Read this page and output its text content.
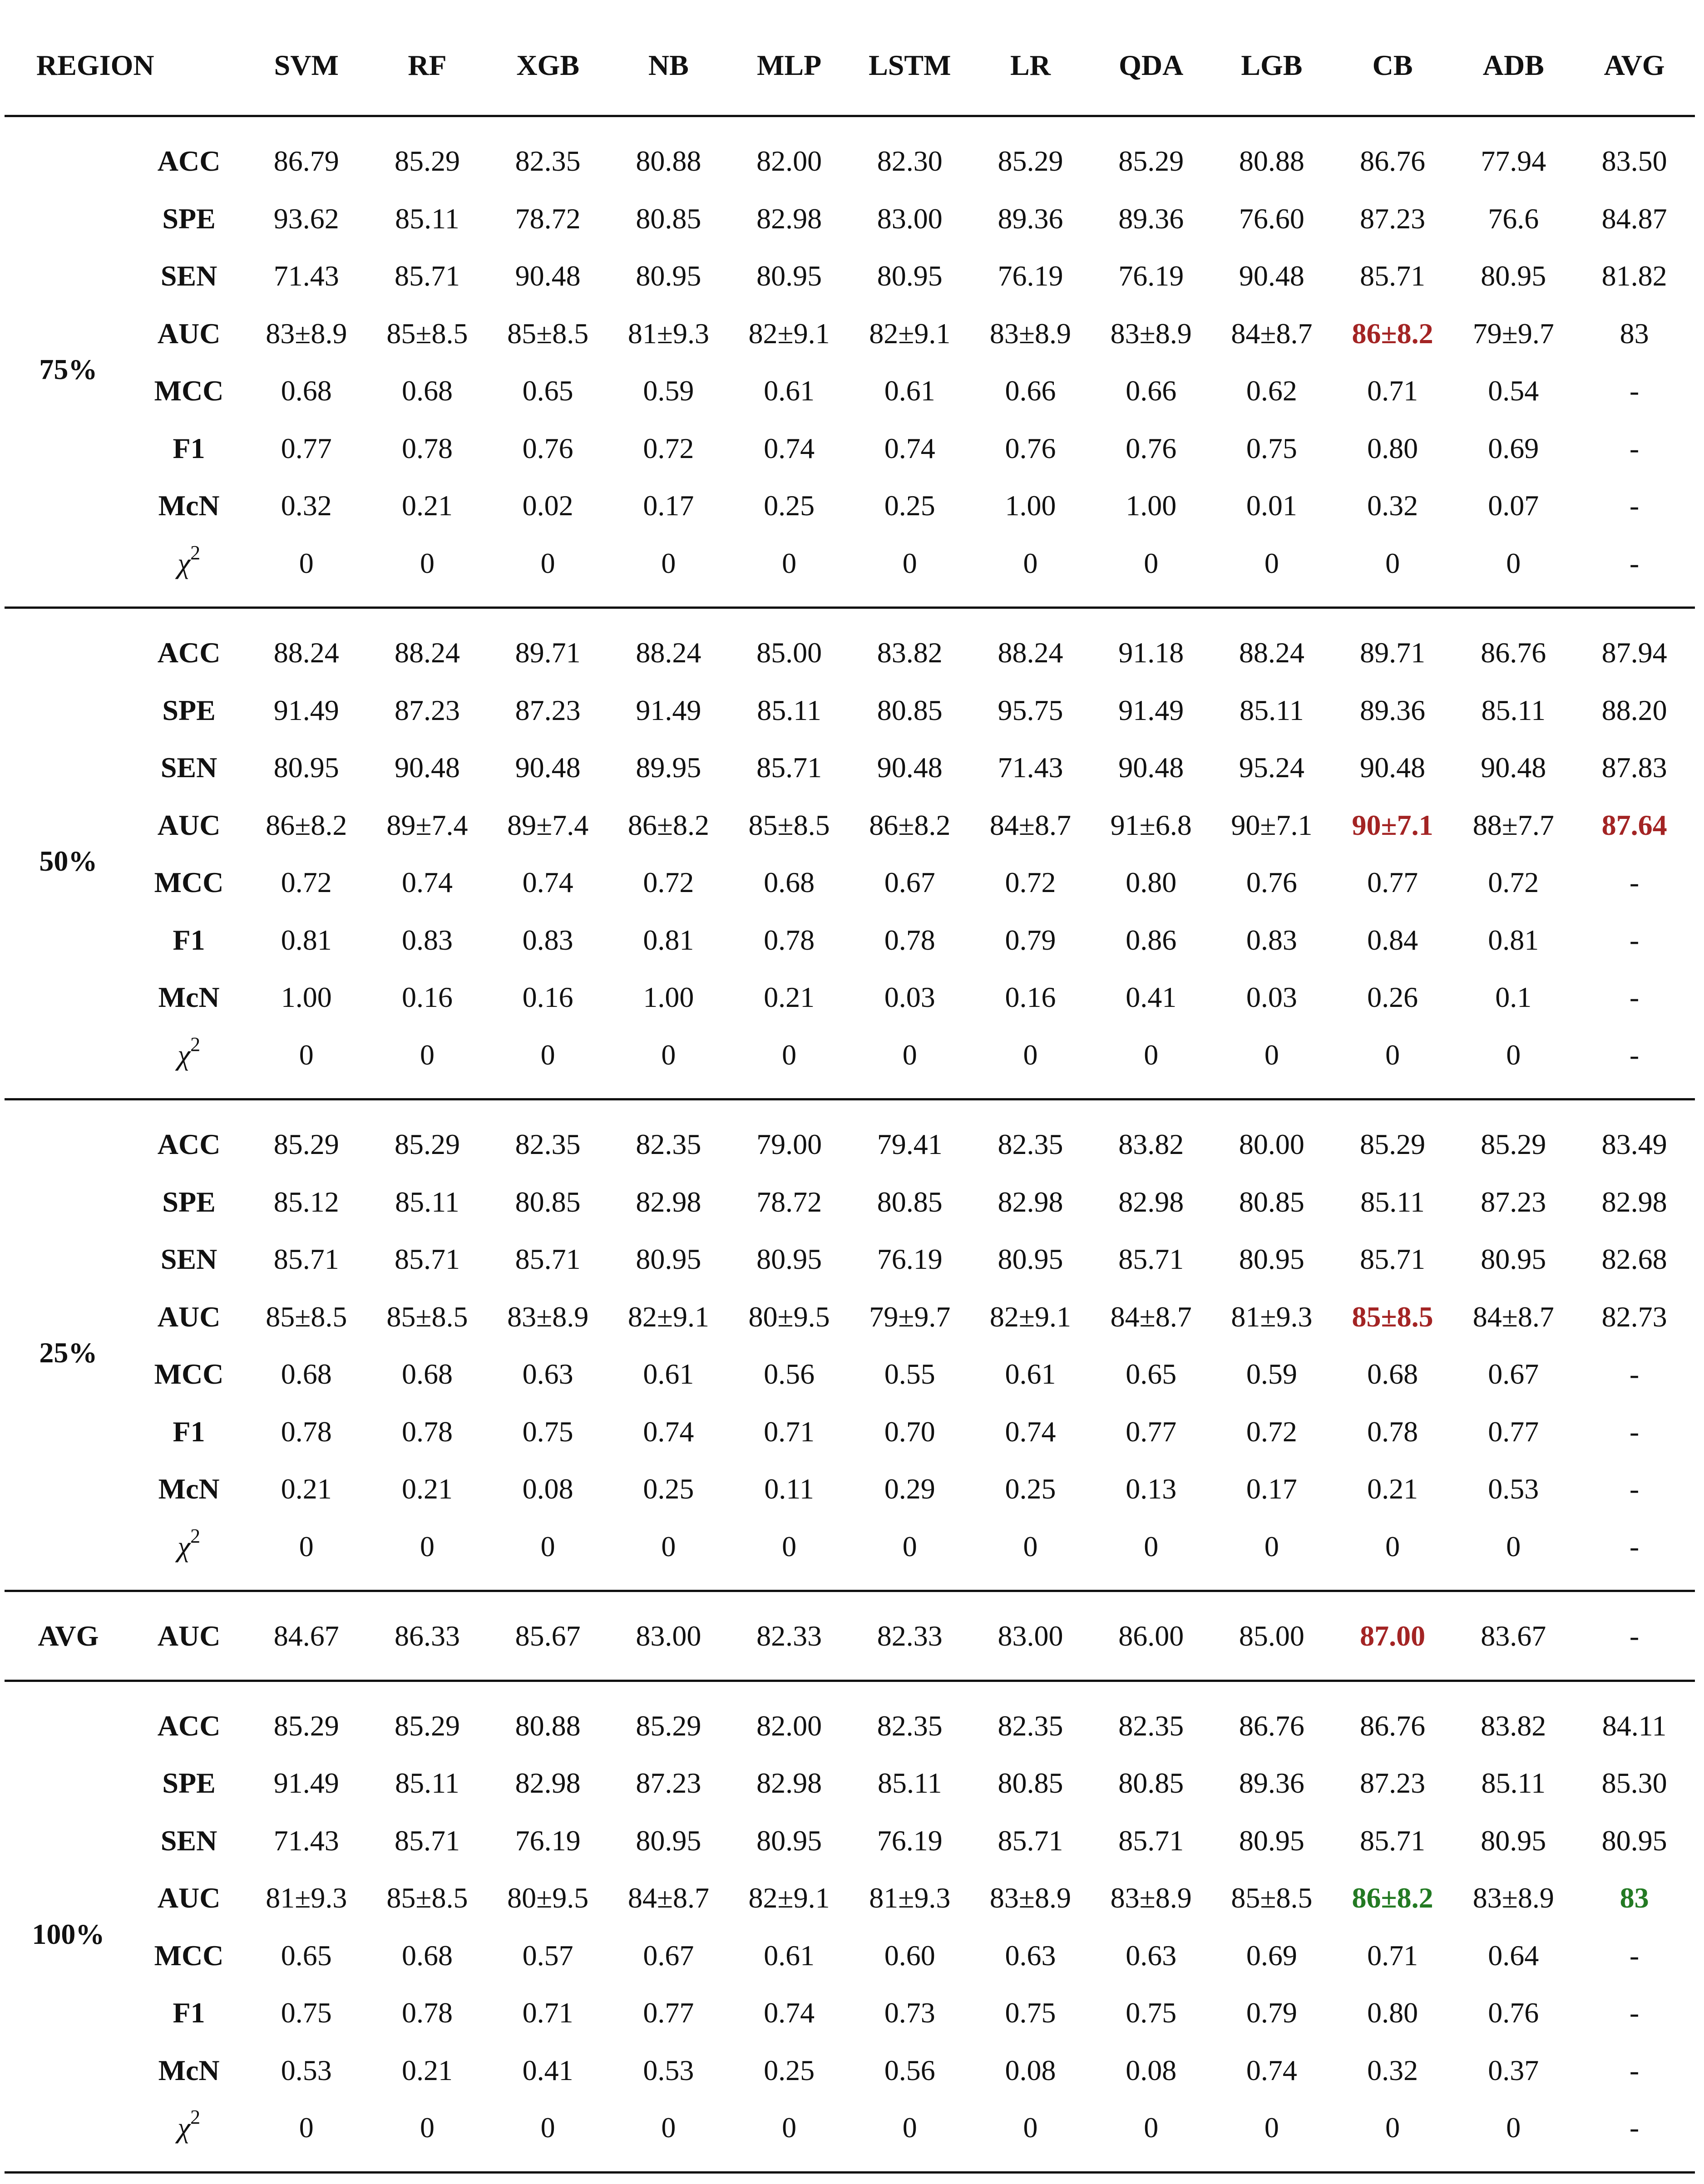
REGION		SVM	RF	XGB	NB	MLP	LSTM	LR	QDA	LGB	CB	ADB	AVG
75%	ACC	86.79	85.29	82.35	80.88	82.00	82.30	85.29	85.29	80.88	86.76	77.94	83.50
	SPE	93.62	85.11	78.72	80.85	82.98	83.00	89.36	89.36	76.60	87.23	76.6	84.87
	SEN	71.43	85.71	90.48	80.95	80.95	80.95	76.19	76.19	90.48	85.71	80.95	81.82
	AUC	83±8.9	85±8.5	85±8.5	81±9.3	82±9.1	82±9.1	83±8.9	83±8.9	84±8.7	86±8.2	79±9.7	83
	MCC	0.68	0.68	0.65	0.59	0.61	0.61	0.66	0.66	0.62	0.71	0.54	-
	F1	0.77	0.78	0.76	0.72	0.74	0.74	0.76	0.76	0.75	0.80	0.69	-
	McN	0.32	0.21	0.02	0.17	0.25	0.25	1.00	1.00	0.01	0.32	0.07	-
	$\chi^2$	0	0	0	0	0	0	0	0	0	0	0	-
50%	ACC	88.24	88.24	89.71	88.24	85.00	83.82	88.24	91.18	88.24	89.71	86.76	87.94
	SPE	91.49	87.23	87.23	91.49	85.11	80.85	95.75	91.49	85.11	89.36	85.11	88.20
	SEN	80.95	90.48	90.48	89.95	85.71	90.48	71.43	90.48	95.24	90.48	90.48	87.83
	AUC	86±8.2	89±7.4	89±7.4	86±8.2	85±8.5	86±8.2	84±8.7	91±6.8	90±7.1	90±7.1	88±7.7	87.64
	MCC	0.72	0.74	0.74	0.72	0.68	0.67	0.72	0.80	0.76	0.77	0.72	-
	F1	0.81	0.83	0.83	0.81	0.78	0.78	0.79	0.86	0.83	0.84	0.81	-
	McN	1.00	0.16	0.16	1.00	0.21	0.03	0.16	0.41	0.03	0.26	0.1	-
	$\chi^2$	0	0	0	0	0	0	0	0	0	0	0	-
25%	ACC	85.29	85.29	82.35	82.35	79.00	79.41	82.35	83.82	80.00	85.29	85.29	83.49
	SPE	85.12	85.11	80.85	82.98	78.72	80.85	82.98	82.98	80.85	85.11	87.23	82.98
	SEN	85.71	85.71	85.71	80.95	80.95	76.19	80.95	85.71	80.95	85.71	80.95	82.68
	AUC	85±8.5	85±8.5	83±8.9	82±9.1	80±9.5	79±9.7	82±9.1	84±8.7	81±9.3	85±8.5	84±8.7	82.73
	MCC	0.68	0.68	0.63	0.61	0.56	0.55	0.61	0.65	0.59	0.68	0.67	-
	F1	0.78	0.78	0.75	0.74	0.71	0.70	0.74	0.77	0.72	0.78	0.77	-
	McN	0.21	0.21	0.08	0.25	0.11	0.29	0.25	0.13	0.17	0.21	0.53	-
	$\chi^2$	0	0	0	0	0	0	0	0	0	0	0	-
AVG	AUC	84.67	86.33	85.67	83.00	82.33	82.33	83.00	86.00	85.00	87.00	83.67	-
100%	ACC	85.29	85.29	80.88	85.29	82.00	82.35	82.35	82.35	86.76	86.76	83.82	84.11
	SPE	91.49	85.11	82.98	87.23	82.98	85.11	80.85	80.85	89.36	87.23	85.11	85.30
	SEN	71.43	85.71	76.19	80.95	80.95	76.19	85.71	85.71	80.95	85.71	80.95	80.95
	AUC	81±9.3	85±8.5	80±9.5	84±8.7	82±9.1	81±9.3	83±8.9	83±8.9	85±8.5	86±8.2	83±8.9	83
	MCC	0.65	0.68	0.57	0.67	0.61	0.60	0.63	0.63	0.69	0.71	0.64	-
	F1	0.75	0.78	0.71	0.77	0.74	0.73	0.75	0.75	0.79	0.80	0.76	-
	McN	0.53	0.21	0.41	0.53	0.25	0.56	0.08	0.08	0.74	0.32	0.37	-
	$\chi^2$	0	0	0	0	0	0	0	0	0	0	0	-
